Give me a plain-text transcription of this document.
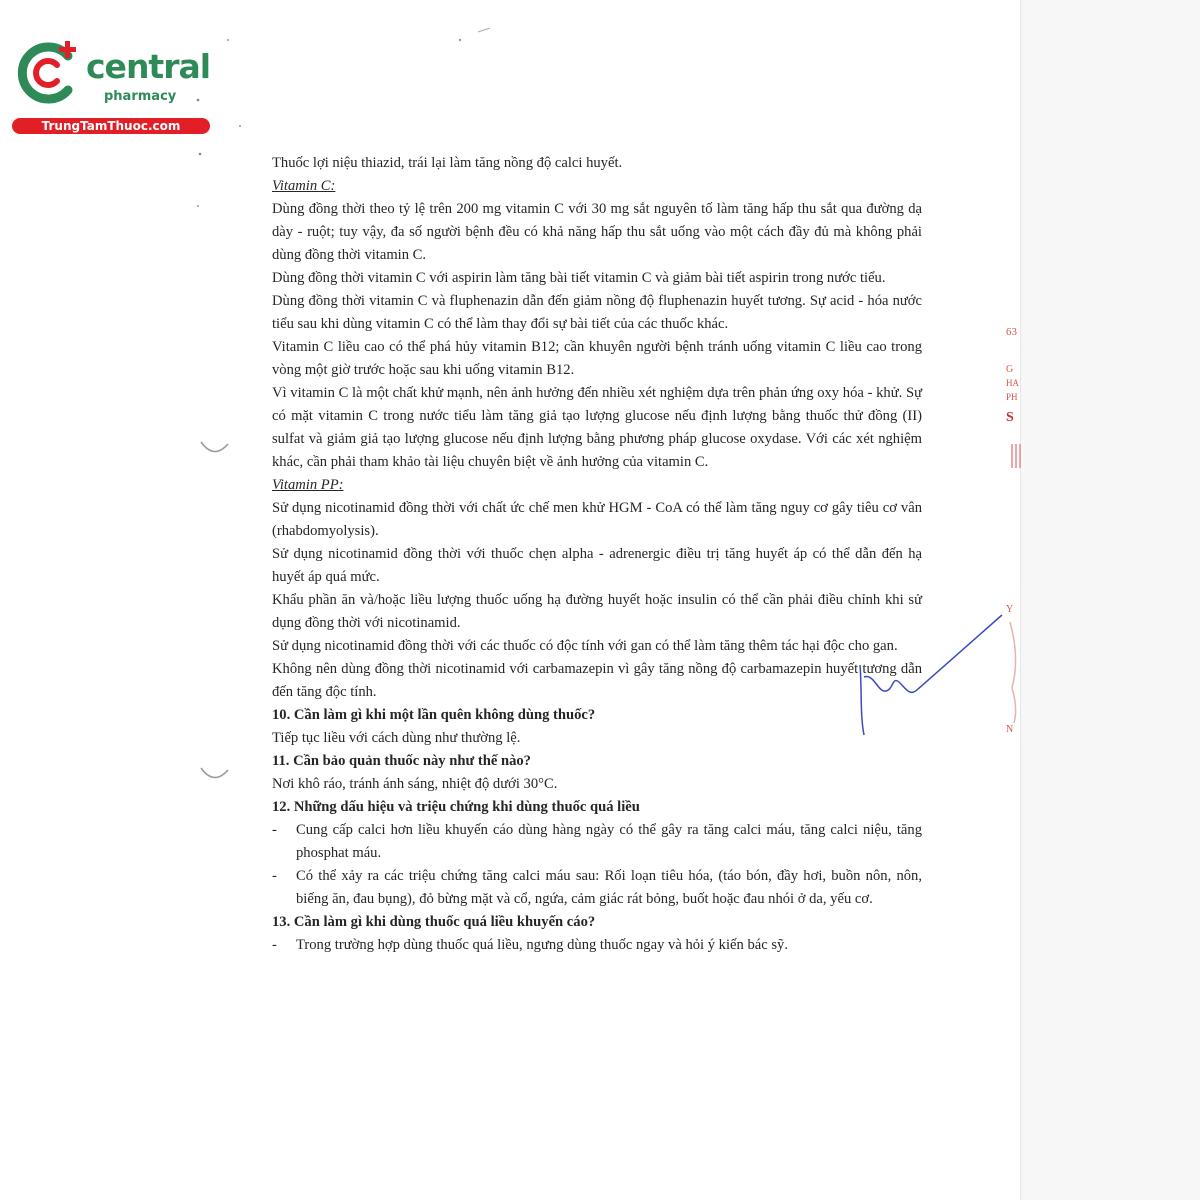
central
pharmacy
TrungTamThuoc.com

Thuốc lợi niệu thiazid, trái lại làm tăng nồng độ calci huyết.

Vitamin C:

Dùng đồng thời theo tỷ lệ trên 200 mg vitamin C với 30 mg sắt nguyên tố làm tăng hấp thu sắt qua đường dạ dày - ruột; tuy vậy, đa số người bệnh đều có khả năng hấp thu sắt uống vào một cách đầy đủ mà không phải dùng đồng thời vitamin C.

Dùng đồng thời vitamin C với aspirin làm tăng bài tiết vitamin C và giảm bài tiết aspirin trong nước tiểu.

Dùng đồng thời vitamin C và fluphenazin dẫn đến giảm nồng độ fluphenazin huyết tương. Sự acid - hóa nước tiểu sau khi dùng vitamin C có thể làm thay đổi sự bài tiết của các thuốc khác.

Vitamin C liều cao có thể phá hủy vitamin B12; cần khuyên người bệnh tránh uống vitamin C liều cao trong vòng một giờ trước hoặc sau khi uống vitamin B12.

Vì vitamin C là một chất khử mạnh, nên ảnh hưởng đến nhiều xét nghiệm dựa trên phản ứng oxy hóa - khử. Sự có mặt vitamin C trong nước tiểu làm tăng giả tạo lượng glucose nếu định lượng bằng thuốc thử đồng (II) sulfat và giảm giả tạo lượng glucose nếu định lượng bằng phương pháp glucose oxydase. Với các xét nghiệm khác, cần phải tham khảo tài liệu chuyên biệt về ảnh hưởng của vitamin C.

Vitamin PP:

Sử dụng nicotinamid đồng thời với chất ức chế men khử HGM - CoA có thể làm tăng nguy cơ gây tiêu cơ vân (rhabdomyolysis).

Sử dụng nicotinamid đồng thời với thuốc chẹn alpha - adrenergic điều trị tăng huyết áp có thể dẫn đến hạ huyết áp quá mức.

Khẩu phần ăn và/hoặc liều lượng thuốc uống hạ đường huyết hoặc insulin có thể cần phải điều chỉnh khi sử dụng đồng thời với nicotinamid.

Sử dụng nicotinamid đồng thời với các thuốc có độc tính với gan có thể làm tăng thêm tác hại độc cho gan.

Không nên dùng đồng thời nicotinamid với carbamazepin vì gây tăng nồng độ carbamazepin huyết tương dẫn đến tăng độc tính.

10. Cần làm gì khi một lần quên không dùng thuốc?

Tiếp tục liều với cách dùng như thường lệ.

11. Cần bảo quản thuốc này như thế nào?

Nơi khô ráo, tránh ánh sáng, nhiệt độ dưới 30°C.

12. Những dấu hiệu và triệu chứng khi dùng thuốc quá liều
- Cung cấp calci hơn liều khuyến cáo dùng hàng ngày có thể gây ra tăng calci máu, tăng calci niệu, tăng phosphat máu.
- Có thể xảy ra các triệu chứng tăng calci máu sau: Rối loạn tiêu hóa, (táo bón, đầy hơi, buồn nôn, nôn, biếng ăn, đau bụng), đỏ bừng mặt và cổ, ngứa, cảm giác rát bỏng, buốt hoặc đau nhói ở da, yếu cơ.
13. Cần làm gì khi dùng thuốc quá liều khuyến cáo?
- Trong trường hợp dùng thuốc quá liều, ngưng dùng thuốc ngay và hỏi ý kiến bác sỹ.
63
G
HA
PH
S
Y
N
